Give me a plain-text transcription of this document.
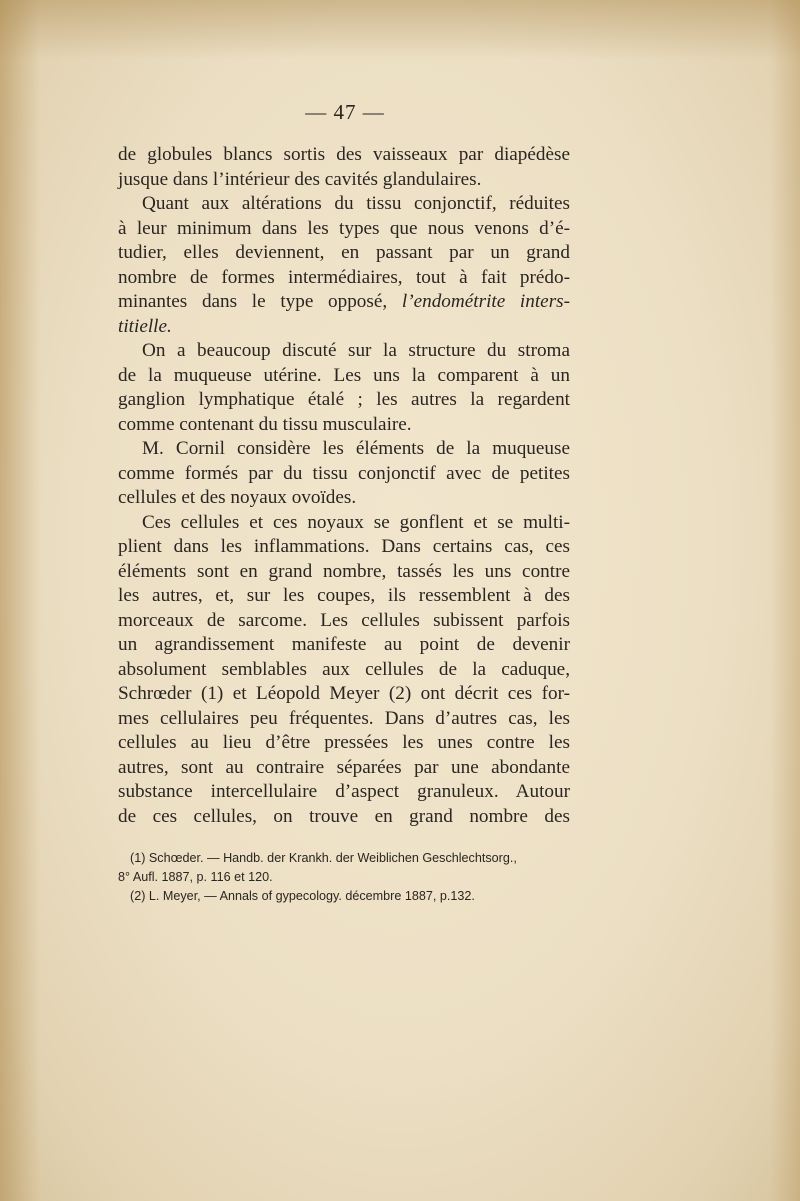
— 47 —
de globules blancs sortis des vaisseaux par diapédèse
jusque dans l’intérieur des cavités glandulaires.
Quant aux altérations du tissu conjonctif, réduites
à leur minimum dans les types que nous venons d’é-
tudier, elles deviennent, en passant par un grand
nombre de formes intermédiaires, tout à fait prédo-
minantes dans le type opposé, l’endométrite inters-
titielle.
On a beaucoup discuté sur la structure du stroma
de la muqueuse utérine. Les uns la comparent à un
ganglion lymphatique étalé ; les autres la regardent
comme contenant du tissu musculaire.
M. Cornil considère les éléments de la muqueuse
comme formés par du tissu conjonctif avec de petites
cellules et des noyaux ovoïdes.
Ces cellules et ces noyaux se gonflent et se multi-
plient dans les inflammations. Dans certains cas, ces
éléments sont en grand nombre, tassés les uns contre
les autres, et, sur les coupes, ils ressemblent à des
morceaux de sarcome. Les cellules subissent parfois
un agrandissement manifeste au point de devenir
absolument semblables aux cellules de la caduque,
Schrœder (1) et Léopold Meyer (2) ont décrit ces for-
mes cellulaires peu fréquentes. Dans d’autres cas, les
cellules au lieu d’être pressées les unes contre les
autres, sont au contraire séparées par une abondante
substance intercellulaire d’aspect granuleux. Autour
de ces cellules, on trouve en grand nombre des
(1) Schœder. — Handb. der Krankh. der Weiblichen Geschlechtsorg.,
8° Aufl. 1887, p. 116 et 120.
(2) L. Meyer, — Annals of gypecology. décembre 1887, p.132.
